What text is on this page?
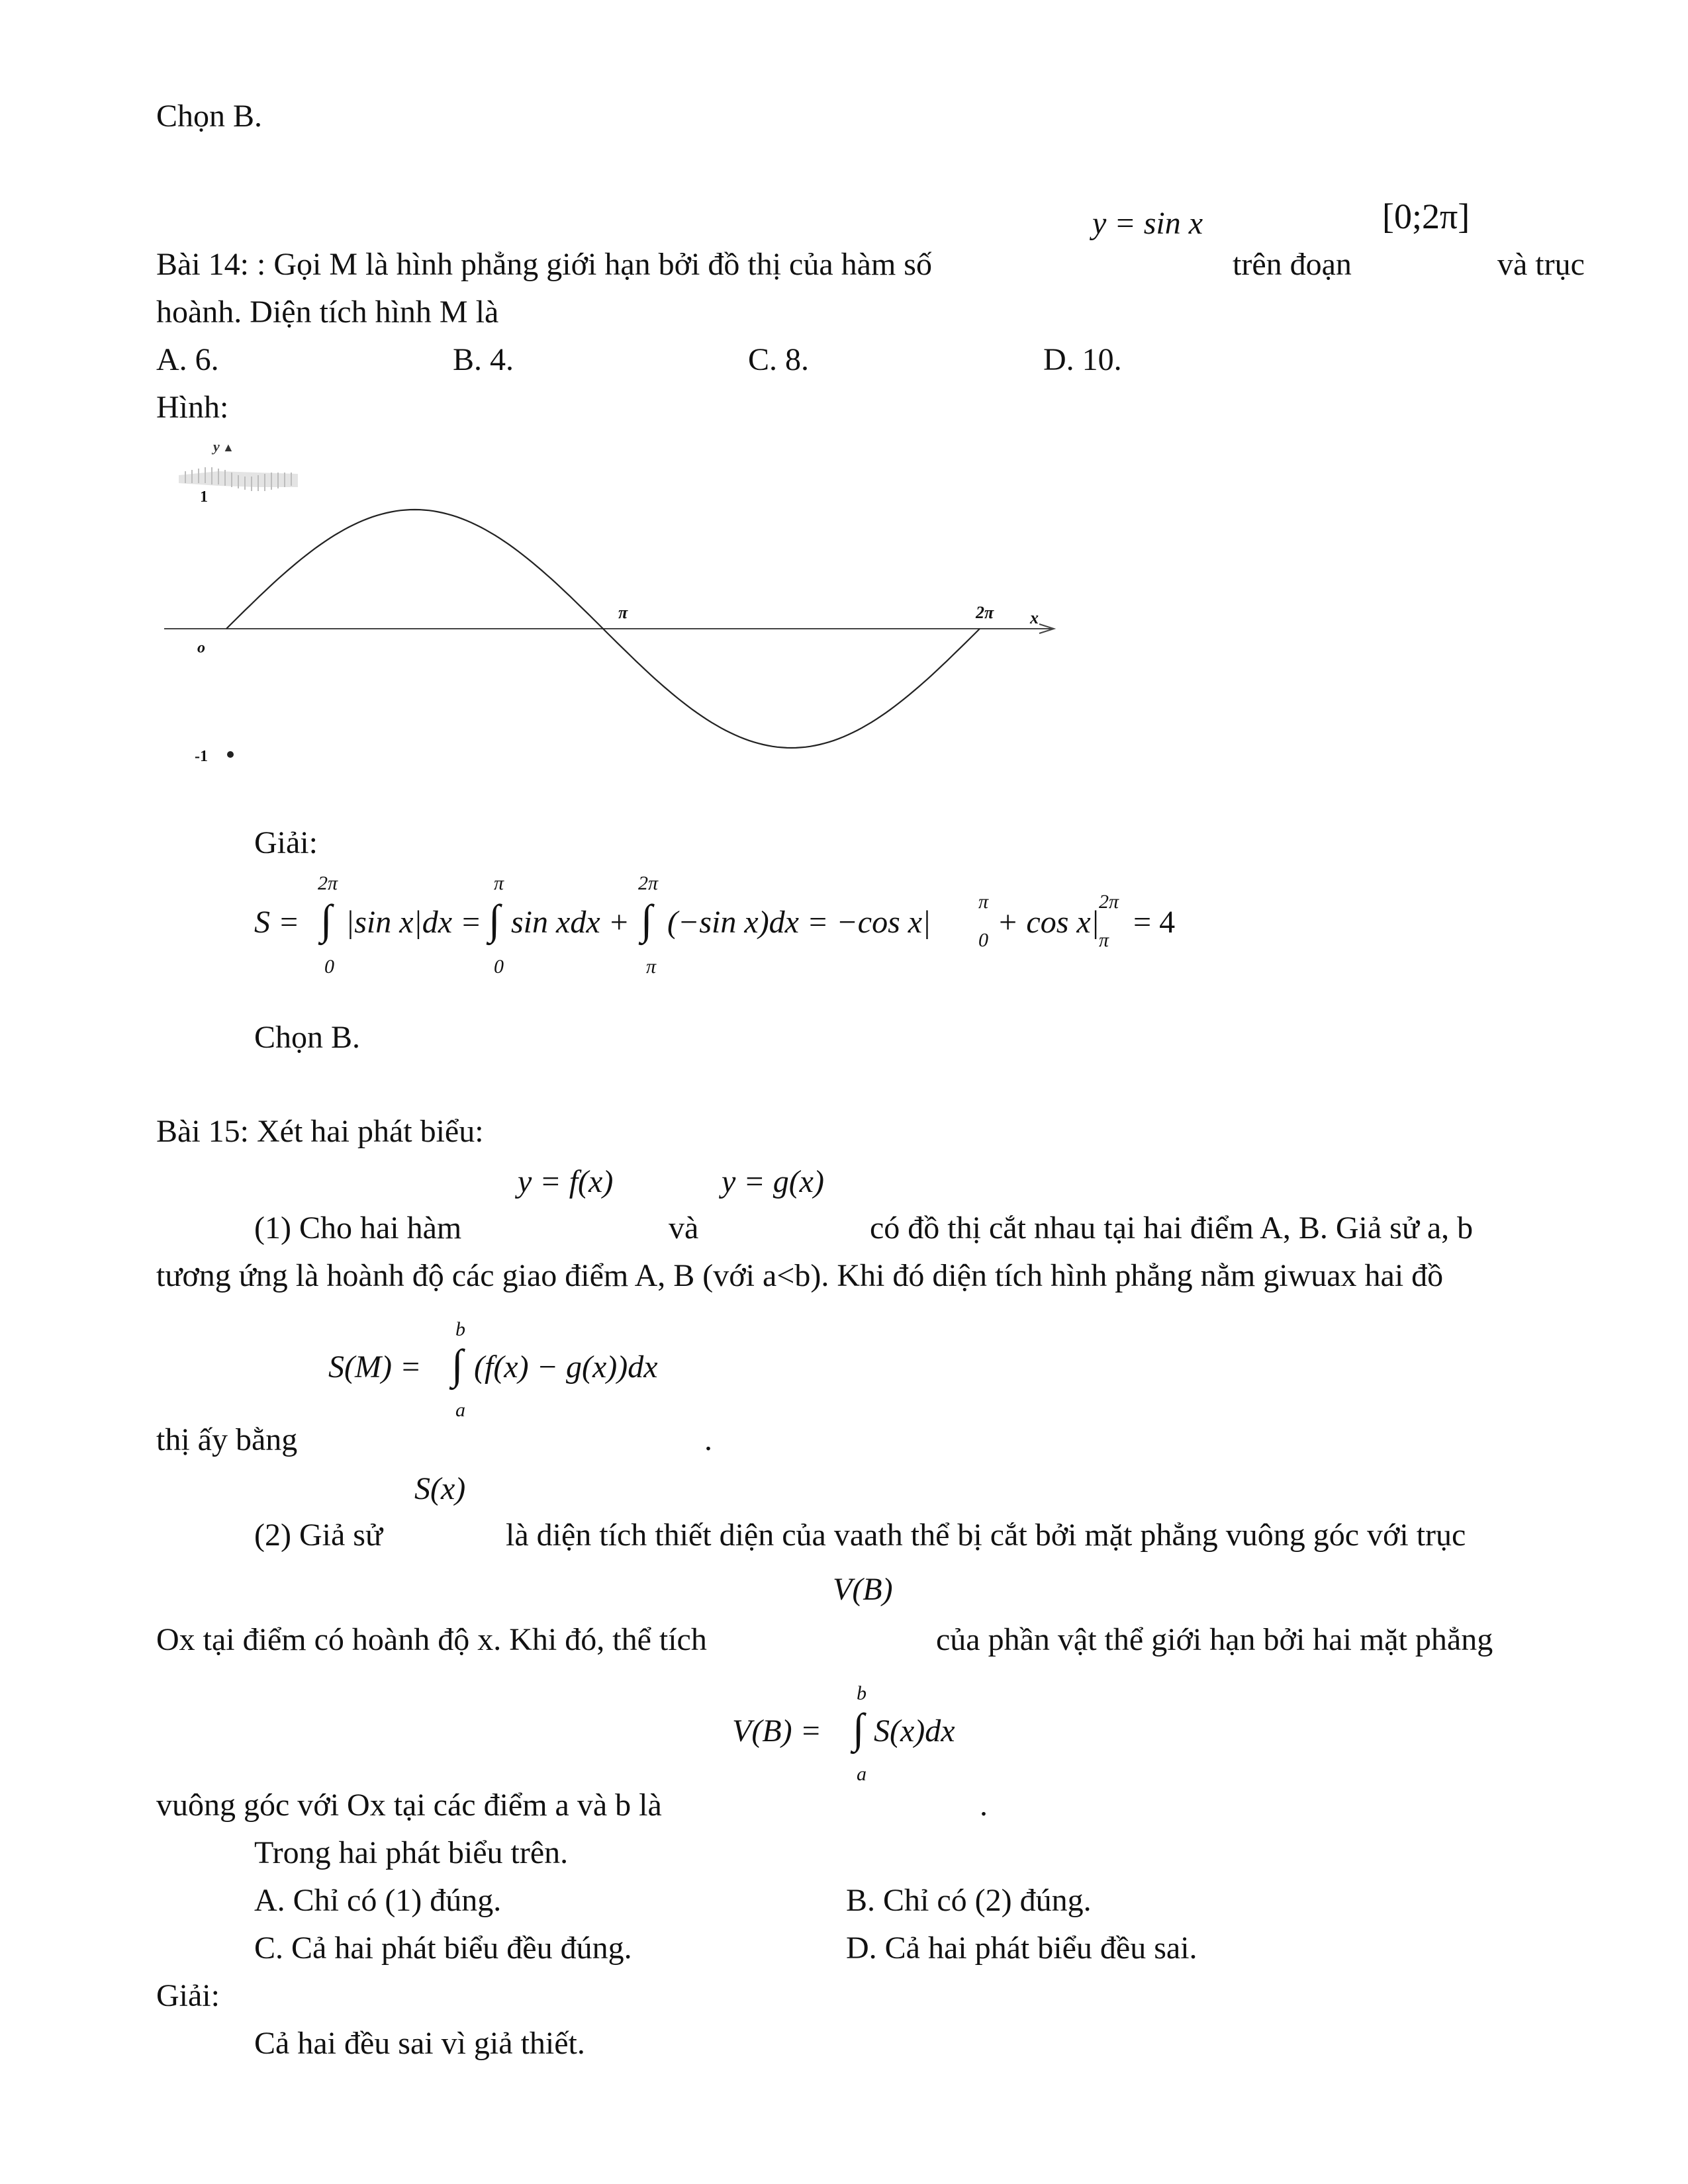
Chọn B.
y = sin x	[0;2π]
Bài 14: : Gọi M là hình phẳng giới hạn bởi đồ thị của hàm số	trên đoạn	và trục
hoành. Diện tích hình M là
A. 6.	B. 4.	C. 8.	D. 10.
Hình:
y ▲
1
o
-1
π	2π x
Giải:
S =
2π
∫
0
|sin x|dx =
π
∫
0
sin xdx +
2π
∫
π
(−sin x)dx = −cos x|
π
0
+ cos x|
2π
π
= 4
Chọn B.
Bài 15: Xét hai phát biểu:
y = f(x)	y = g(x)
(1) Cho hai hàm	và	có đồ thị cắt nhau tại hai điểm A, B. Giả sử a, b
tương ứng là hoành độ các giao điểm A, B (với a<b). Khi đó diện tích hình phẳng nằm giwuax hai đồ
S(M) =
b
∫
a
(f(x) − g(x))dx
thị ấy bằng	.
S(x)
(2) Giả sử	là diện tích thiết diện của vaath thể bị cắt bởi mặt phẳng vuông góc với trục
V(B)
Ox tại điểm có hoành độ x. Khi đó, thể tích	của phần vật thể giới hạn bởi hai mặt phẳng
V(B) =
b
∫
a
S(x)dx
vuông góc với Ox tại các điểm a và b là	.
Trong hai phát biểu trên.
A. Chỉ có (1) đúng.	B. Chỉ có (2) đúng.
C. Cả hai phát biểu đều đúng.	D. Cả hai phát biểu đều sai.
Giải:
Cả hai đều sai vì giả thiết.
